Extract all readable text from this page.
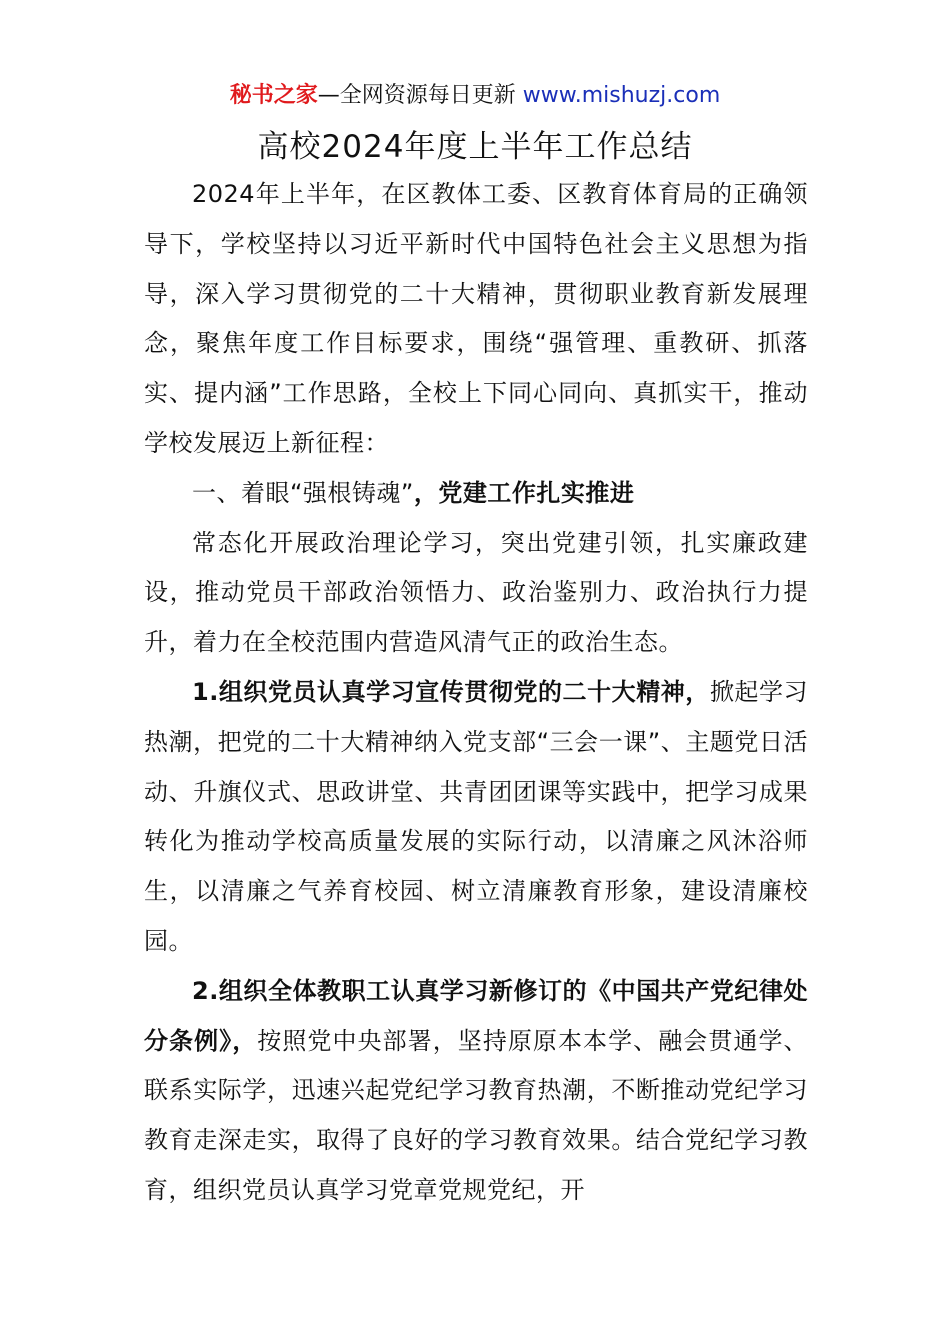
秘书之家—全网资源每日更新 www.mishuzj.com
高校2024年度上半年工作总结

2024年上半年，在区教体工委、区教育体育局的正确领导下，学校坚持以习近平新时代中国特色社会主义思想为指导，深入学习贯彻党的二十大精神，贯彻职业教育新发展理念，聚焦年度工作目标要求，围绕“强管理、重教研、抓落实、提内涵”工作思路，全校上下同心同向、真抓实干，推动学校发展迈上新征程：

一、着眼“强根铸魂”，党建工作扎实推进

常态化开展政治理论学习，突出党建引领，扎实廉政建设，推动党员干部政治领悟力、政治鉴别力、政治执行力提升，着力在全校范围内营造风清气正的政治生态。

1.组织党员认真学习宣传贯彻党的二十大精神，掀起学习热潮，把党的二十大精神纳入党支部“三会一课”、主题党日活动、升旗仪式、思政讲堂、共青团团课等实践中，把学习成果转化为推动学校高质量发展的实际行动，以清廉之风沐浴师生，以清廉之气养育校园、树立清廉教育形象，建设清廉校园。

2.组织全体教职工认真学习新修订的《中国共产党纪律处分条例》，按照党中央部署，坚持原原本本学、融会贯通学、联系实际学，迅速兴起党纪学习教育热潮，不断推动党纪学习教育走深走实，取得了良好的学习教育效果。结合党纪学习教育，组织党员认真学习党章党规党纪，开
